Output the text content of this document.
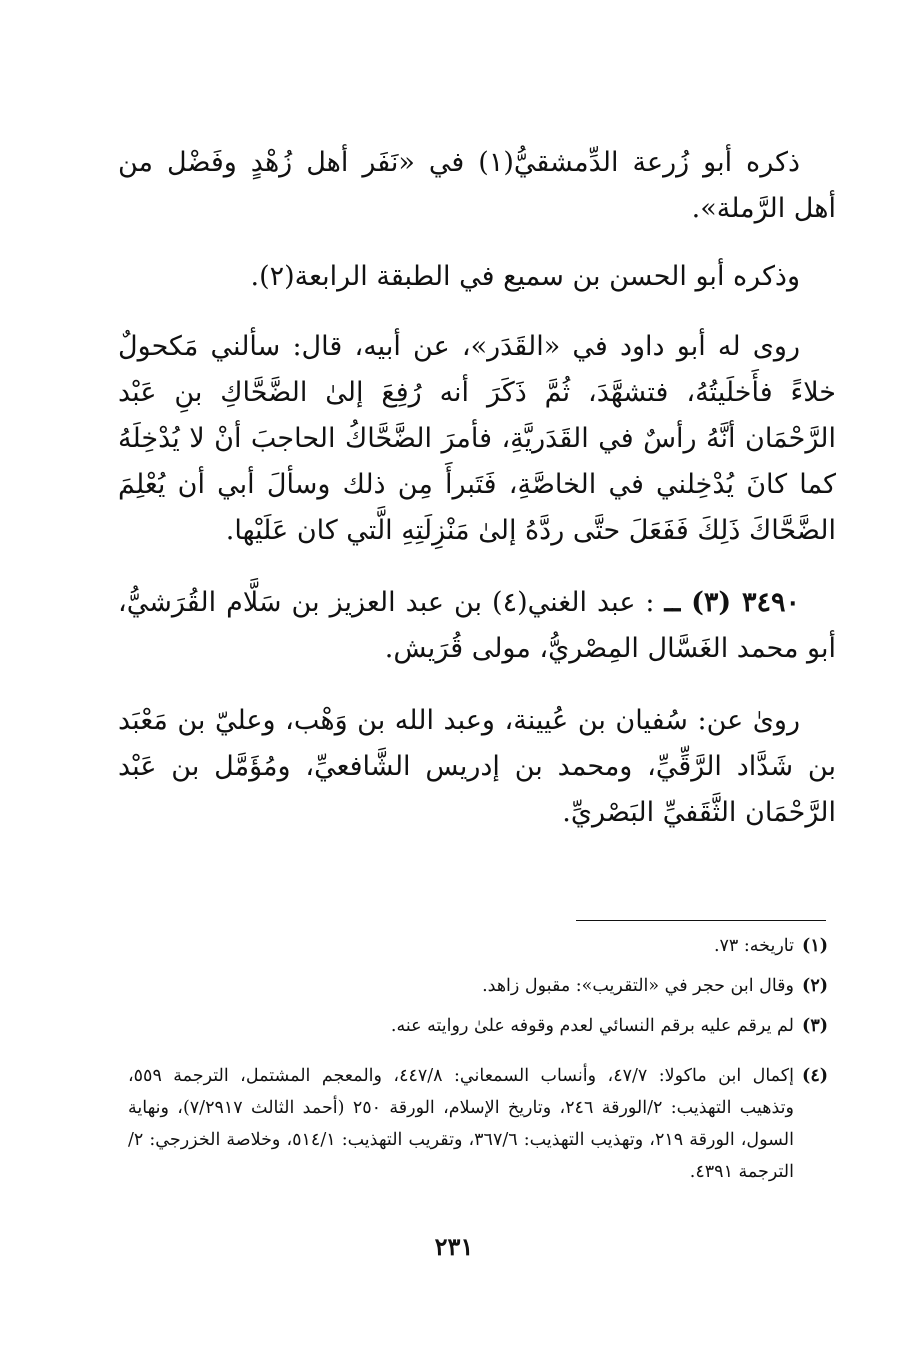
ذكره أبو زُرعة الدِّمشقيُّ(١) في «نَفَر أهل زُهْدٍ وفَضْل من أهل الرَّملة».

وذكره أبو الحسن بن سميع في الطبقة الرابعة(٢).

روى له أبو داود في «القَدَر»، عن أبيه، قال: سألني مَكحولٌ خلاءً فأَخلَيتُهُ، فتشهَّدَ، ثُمَّ ذَكَرَ أنه رُفِعَ إلىٰ الضَّحَّاكِ بنِ عَبْد الرَّحْمَان أنَّهُ رأسٌ في القَدَريَّةِ، فأمرَ الضَّحَّاكُ الحاجبَ أنْ لا يُدْخِلَهُ كما كانَ يُدْخِلني في الخاصَّةِ، فَتَبرأَ مِن ذلك وسألَ أبي أن يُعْلِمَ الضَّحَّاكَ ذَلِكَ فَفَعَلَ حتَّى ردَّهُ إلىٰ مَنْزِلَتِهِ الَّتي كان عَلَيْها.

٣٤٩٠ (٣) ــ : عبد الغني(٤) بن عبد العزيز بن سَلَّام القُرَشيُّ، أبو محمد الغَسَّال المِصْريُّ، مولى قُرَيش.

روىٰ عن: سُفيان بن عُيينة، وعبد الله بن وَهْب، وعليّ بن مَعْبَد بن شَدَّاد الرَّقِّيِّ، ومحمد بن إدريس الشَّافعيِّ، ومُؤَمَّل بن عَبْد الرَّحْمَان الثَّقَفيِّ البَصْريِّ.

(١)
تاريخه: ٧٣.
(٢)
وقال ابن حجر في «التقريب»: مقبول زاهد.
(٣)
لم يرقم عليه برقم النسائي لعدم وقوفه علىٰ روايته عنه.
(٤)
إكمال ابن ماكولا: ٤٧/٧، وأنساب السمعاني: ٤٤٧/٨، والمعجم المشتمل، الترجمة ٥٥٩، وتذهيب التهذيب: ٢/الورقة ٢٤٦، وتاريخ الإسلام، الورقة ٢٥٠ (أحمد الثالث ٧/٢٩١٧)، ونهاية السول، الورقة ٢١٩، وتهذيب التهذيب: ٣٦٧/٦، وتقريب التهذيب: ٥١٤/١، وخلاصة الخزرجي: ٢/الترجمة ٤٣٩١.
٢٣١
